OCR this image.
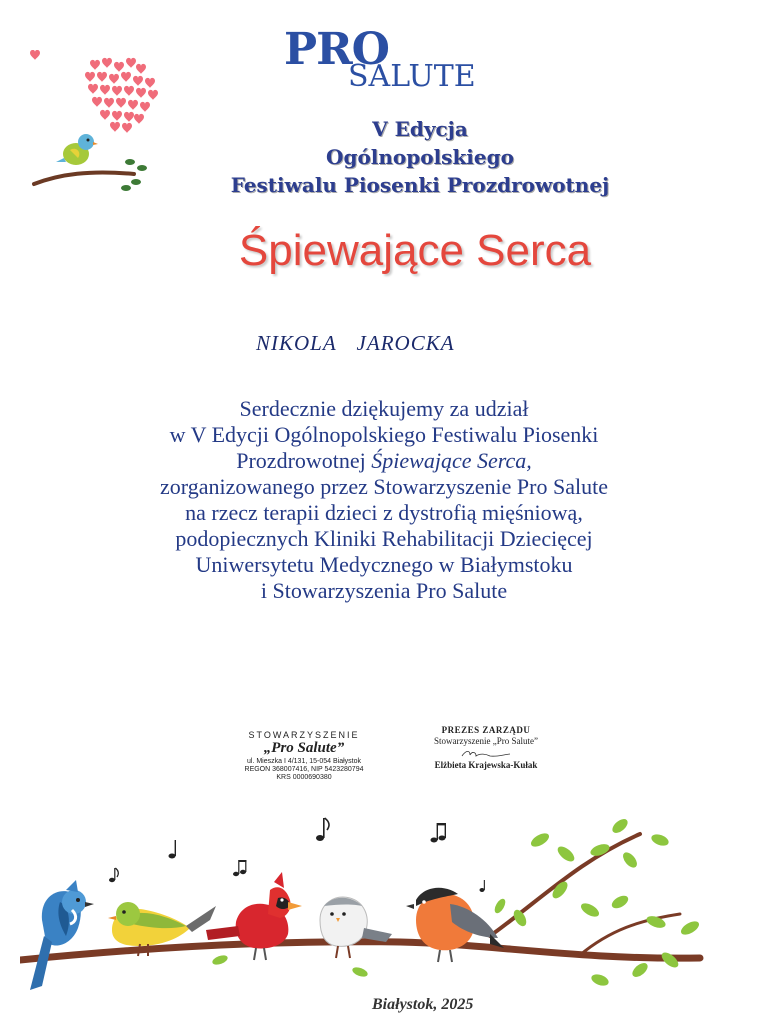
PRO
SALUTE
V Edycja
Ogólnopolskiego
Festiwalu Piosenki Prozdrowotnej
Śpiewające Serca
NIKOLA JAROCKA
Serdecznie dziękujemy za udział
w V Edycji Ogólnopolskiego Festiwalu Piosenki
Prozdrowotnej Śpiewające Serca,
zorganizowanego przez Stowarzyszenie Pro Salute
na rzecz terapii dzieci z dystrofią mięśniową,
podopiecznych Kliniki Rehabilitacji Dziecięcej
Uniwersytetu Medycznego w Białymstoku
i Stowarzyszenia Pro Salute
STOWARZYSZENIE
„Pro Salute”
ul. Mieszka I 4/131, 15-054 Białystok
REGON 368007416, NIP 5423280794
KRS 0000690380
PREZES ZARZĄDU
Stowarzyszenie „Pro Salute”
Elżbieta Krajewska-Kułak
Białystok, 2025
